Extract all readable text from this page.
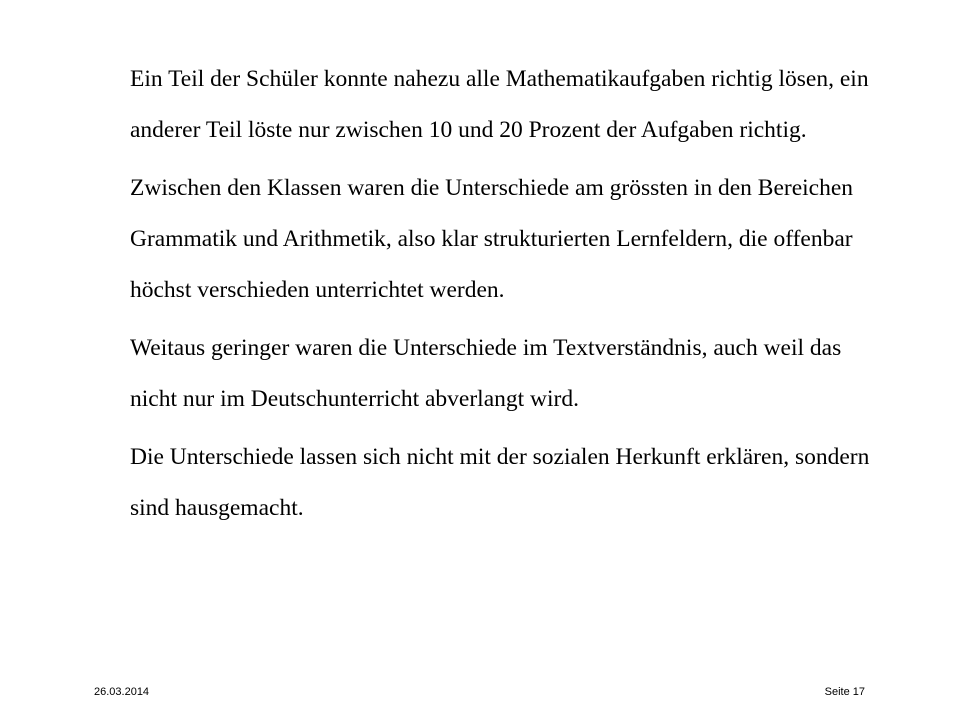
Ein Teil der Schüler konnte nahezu alle Mathematikaufgaben richtig lösen, ein anderer Teil löste nur zwischen 10 und 20 Prozent der Aufgaben richtig.
Zwischen den Klassen waren die Unterschiede am grössten in den Bereichen Grammatik und Arithmetik, also klar strukturierten Lernfeldern, die offenbar höchst verschieden unterrichtet werden.
Weitaus geringer waren die Unterschiede im Textverständnis, auch weil das nicht nur im Deutschunterricht abverlangt wird.
Die Unterschiede lassen sich nicht mit der sozialen Herkunft erklären, sondern sind hausgemacht.
26.03.2014	Seite 17
